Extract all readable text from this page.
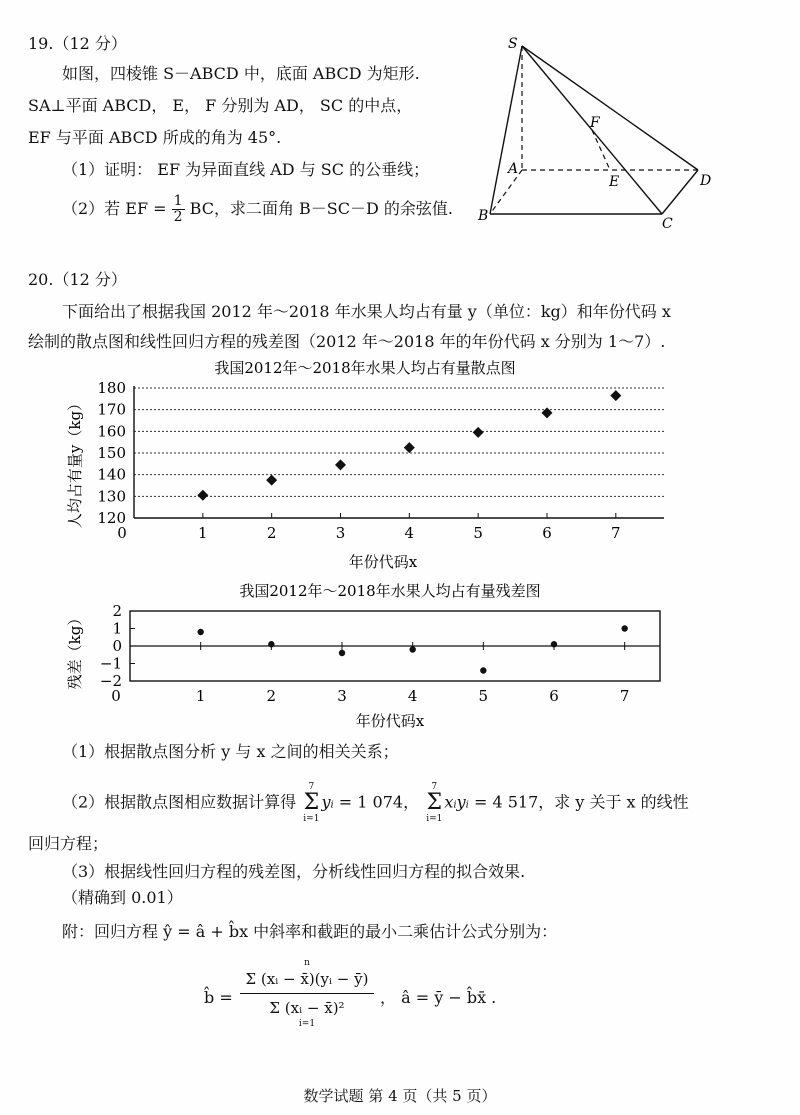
19.（12 分）
如图，四棱锥 S－ABCD 中，底面 ABCD 为矩形.
SA⊥平面 ABCD， E， F 分别为 AD， SC 的中点，
EF 与平面 ABCD 所成的角为 45°.
（1）证明： EF 为异面直线 AD 与 SC 的公垂线；
（2）若 EF = $\frac{1}{2}$ BC，求二面角 B－SC－D 的余弦值.
S
A
B	C
D
E
F
20.（12 分）
下面给出了根据我国 2012 年～2018 年水果人均占有量 y（单位：kg）和年份代码 x
绘制的散点图和线性回归方程的残差图（2012 年～2018 年的年份代码 x 分别为 1～7）.
我国2012年～2018年水果人均占有量散点图
人均占有量y（kg）
年份代码x
120
130
140
150
160
170
180
0	1	2	3	4	5	6	7
我国2012年～2018年水果人均占有量残差图
残差（kg）
年份代码x
−2
−1
0
1
2
0	1	2	3	4	5	6	7
（1）根据散点图分析 y 与 x 之间的相关关系；
（2）根据散点图相应数据计算得
7
Σ
i=1
yᵢ = 1 074，
7
Σ
i=1
xᵢyᵢ = 4 517，求 y 关于 x 的线性
回归方程；
（3）根据线性回归方程的残差图，分析线性回归方程的拟合效果.
（精确到 0.01）
附：回归方程 ŷ = â + b̂x 中斜率和截距的最小二乘估计公式分别为：
b̂ =
n
Σ (xᵢ − x̄)(yᵢ − ȳ)
Σ (xᵢ − x̄)²
i=1
， â = ȳ − b̂x̄ .
数学试题 第 4 页（共 5 页）
